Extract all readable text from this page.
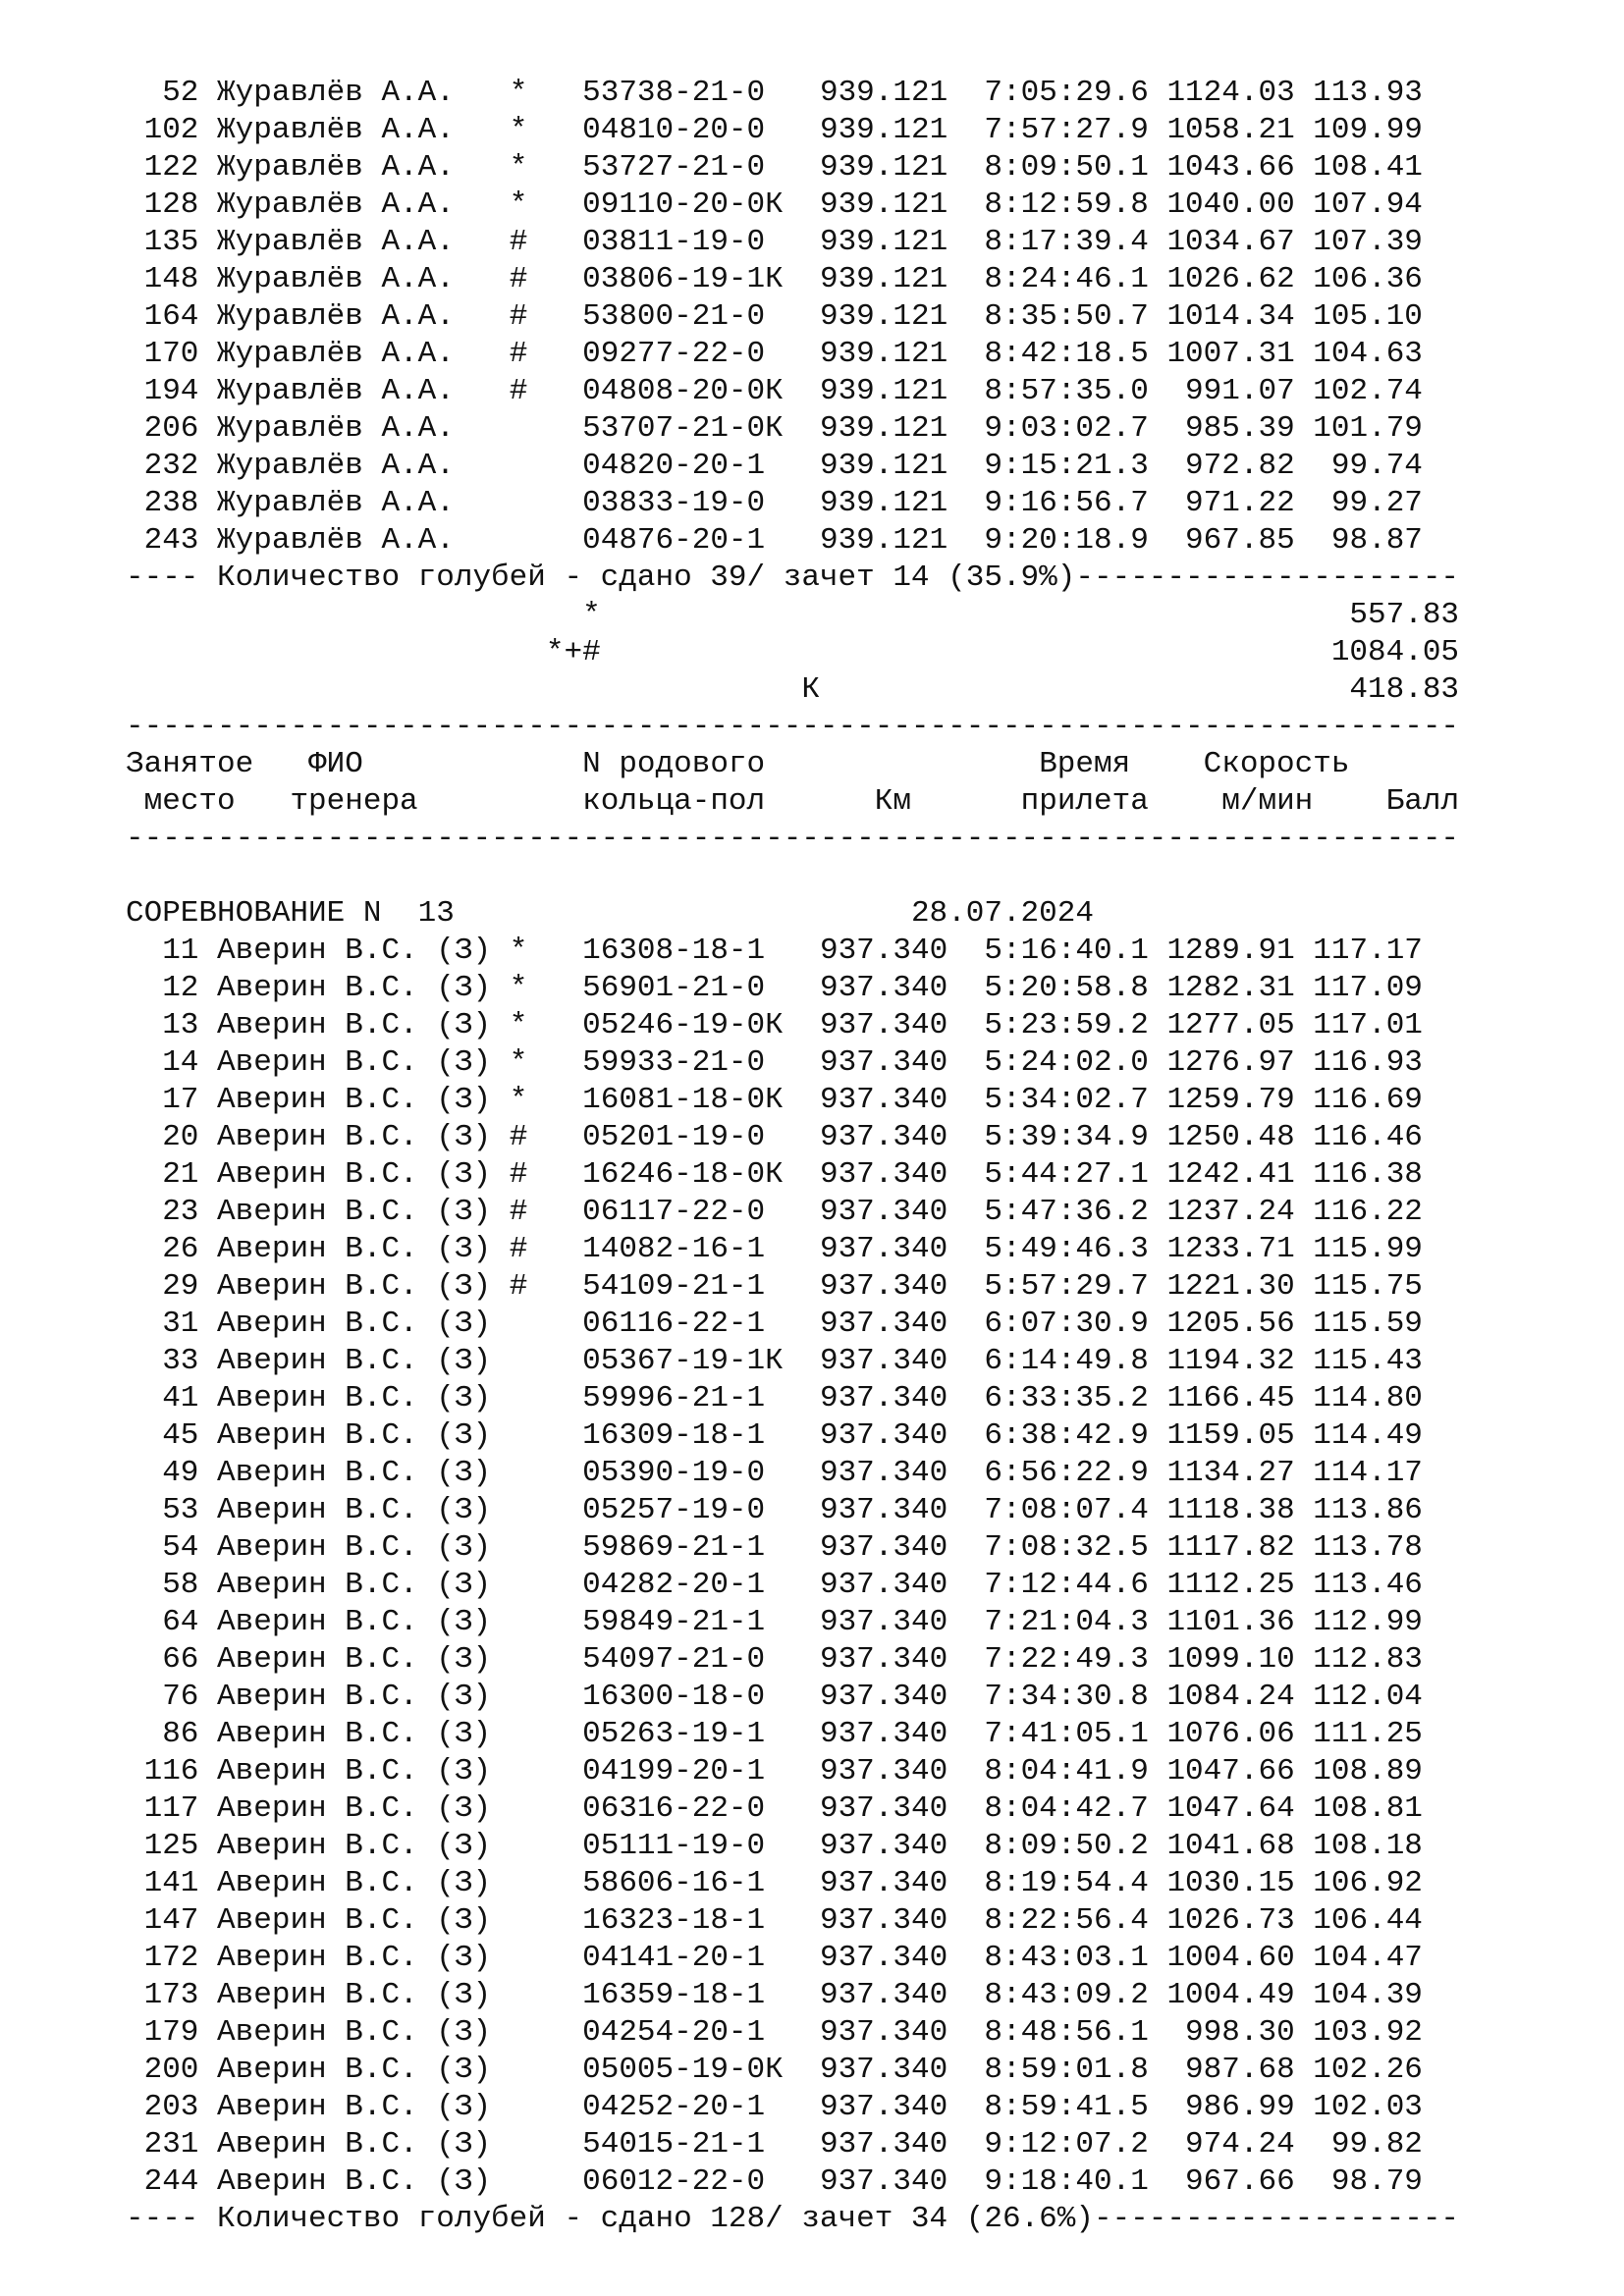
52 Журавлёв А.А.   *   53738-21-0   939.121 7:05:29.6 1124.03 113.93
102 Журавлёв А.А.   *   04810-20-0   939.121 7:57:27.9 1058.21 109.99
122 Журавлёв А.А.   *   53727-21-0   939.121 8:09:50.1 1043.66 108.41
128 Журавлёв А.А.   *   09110-20-0К  939.121 8:12:59.8 1040.00 107.94
135 Журавлёв А.А.   #   03811-19-0   939.121 8:17:39.4 1034.67 107.39
148 Журавлёв А.А.   #   03806-19-1К  939.121 8:24:46.1 1026.62 106.36
164 Журавлёв А.А.   #   53800-21-0   939.121 8:35:50.7 1014.34 105.10
170 Журавлёв А.А.   #   09277-22-0   939.121 8:42:18.5 1007.31 104.63
194 Журавлёв А.А.   #   04808-20-0К  939.121 8:57:35.0  991.07 102.74
206 Журавлёв А.А.	53707-21-0К  939.121 9:03:02.7  985.39 101.79
232 Журавлёв А.А.	04820-20-1   939.121 9:15:21.3  972.82  99.74
238 Журавлёв А.А.	03833-19-0   939.121 9:16:56.7  971.22  99.27
243 Журавлёв А.А.	04876-20-1   939.121 9:20:18.9  967.85  98.87
---- Количество голубей - сдано 39/ зачет 14 (35.9%)---------------------
*	557.83
*+#	1084.05
К	418.83
-------------------------------------------------------------------------
Занятое ФИО	N родового	Время Скорость
место тренера	кольца-пол	Км	прилета м/мин Балл
-------------------------------------------------------------------------

СОРЕВНОВАНИЕ N  13	28.07.2024
11 Аверин В.С. (З) *   16308-18-1   937.340 5:16:40.1 1289.91 117.17
12 Аверин В.С. (З) *   56901-21-0   937.340 5:20:58.8 1282.31 117.09
13 Аверин В.С. (З) *   05246-19-0К  937.340 5:23:59.2 1277.05 117.01
14 Аверин В.С. (З) *   59933-21-0   937.340 5:24:02.0 1276.97 116.93
17 Аверин В.С. (З) *   16081-18-0К  937.340 5:34:02.7 1259.79 116.69
20 Аверин В.С. (З) #   05201-19-0   937.340 5:39:34.9 1250.48 116.46
21 Аверин В.С. (З) #   16246-18-0К  937.340 5:44:27.1 1242.41 116.38
23 Аверин В.С. (З) #   06117-22-0   937.340 5:47:36.2 1237.24 116.22
26 Аверин В.С. (З) #   14082-16-1   937.340 5:49:46.3 1233.71 115.99
29 Аверин В.С. (З) #   54109-21-1   937.340 5:57:29.7 1221.30 115.75
31 Аверин В.С. (З)	06116-22-1   937.340 6:07:30.9 1205.56 115.59
33 Аверин В.С. (З)	05367-19-1К  937.340 6:14:49.8 1194.32 115.43
41 Аверин В.С. (З)	59996-21-1   937.340 6:33:35.2 1166.45 114.80
45 Аверин В.С. (З)	16309-18-1   937.340 6:38:42.9 1159.05 114.49
49 Аверин В.С. (З)	05390-19-0   937.340 6:56:22.9 1134.27 114.17
53 Аверин В.С. (З)	05257-19-0   937.340 7:08:07.4 1118.38 113.86
54 Аверин В.С. (З)	59869-21-1   937.340 7:08:32.5 1117.82 113.78
58 Аверин В.С. (З)	04282-20-1   937.340 7:12:44.6 1112.25 113.46
64 Аверин В.С. (З)	59849-21-1   937.340 7:21:04.3 1101.36 112.99
66 Аверин В.С. (З)	54097-21-0   937.340 7:22:49.3 1099.10 112.83
76 Аверин В.С. (З)	16300-18-0   937.340 7:34:30.8 1084.24 112.04
86 Аверин В.С. (З)	05263-19-1   937.340 7:41:05.1 1076.06 111.25
116 Аверин В.С. (З)	04199-20-1   937.340 8:04:41.9 1047.66 108.89
117 Аверин В.С. (З)	06316-22-0   937.340 8:04:42.7 1047.64 108.81
125 Аверин В.С. (З)	05111-19-0   937.340 8:09:50.2 1041.68 108.18
141 Аверин В.С. (З)	58606-16-1   937.340 8:19:54.4 1030.15 106.92
147 Аверин В.С. (З)	16323-18-1   937.340 8:22:56.4 1026.73 106.44
172 Аверин В.С. (З)	04141-20-1   937.340 8:43:03.1 1004.60 104.47
173 Аверин В.С. (З)	16359-18-1   937.340 8:43:09.2 1004.49 104.39
179 Аверин В.С. (З)	04254-20-1   937.340 8:48:56.1  998.30 103.92
200 Аверин В.С. (З)	05005-19-0К  937.340 8:59:01.8  987.68 102.26
203 Аверин В.С. (З)	04252-20-1   937.340 8:59:41.5  986.99 102.03
231 Аверин В.С. (З)	54015-21-1   937.340 9:12:07.2  974.24  99.82
244 Аверин В.С. (З)	06012-22-0   937.340 9:18:40.1  967.66  98.79
---- Количество голубей - сдано 128/ зачет 34 (26.6%)--------------------
